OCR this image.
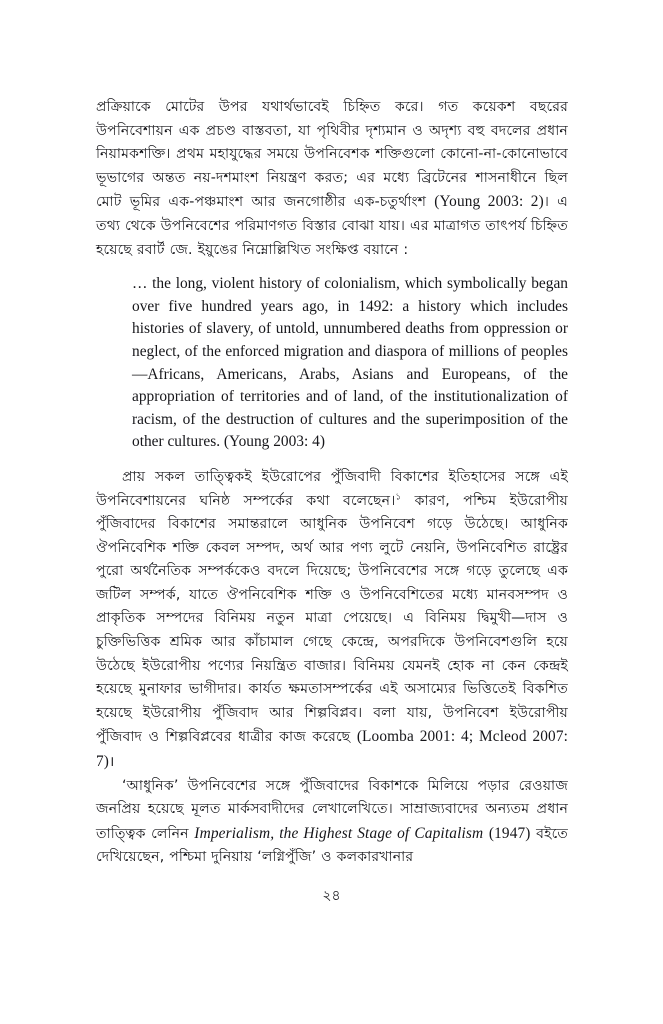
প্রক্রিয়াকে মোটের উপর যথার্থভাবেই চিহ্নিত করে। গত কয়েকশ বছরের উপনিবেশায়ন এক প্রচণ্ড বাস্তবতা, যা পৃথিবীর দৃশ্যমান ও অদৃশ্য বহু বদলের প্রধান নিয়ামকশক্তি। প্রথম মহাযুদ্ধের সময়ে উপনিবেশক শক্তিগুলো কোনো-না-কোনোভাবে ভূভাগের অন্তত নয়-দশমাংশ নিয়ন্ত্রণ করত; এর মধ্যে ব্রিটেনের শাসনাধীনে ছিল মোট ভূমির এক-পঞ্চমাংশ আর জনগোষ্ঠীর এক-চতুর্থাংশ (Young 2003: 2)। এ তথ্য থেকে উপনিবেশের পরিমাণগত বিস্তার বোঝা যায়। এর মাত্রাগত তাৎপর্য চিহ্নিত হয়েছে রবার্ট জে. ইয়ুঙের নিম্নোল্লিখিত সংক্ষিপ্ত বয়ানে :

… the long, violent history of colonialism, which symbolically began over five hundred years ago, in 1492: a history which includes histories of slavery, of untold, unnumbered deaths from oppression or neglect, of the enforced migration and diaspora of millions of peoples—Africans, Americans, Arabs, Asians and Europeans, of the appropriation of territories and of land, of the institutionalization of racism, of the destruction of cultures and the superimposition of the other cultures. (Young 2003: 4)

প্রায় সকল তাত্ত্বিকই ইউরোপের পুঁজিবাদী বিকাশের ইতিহাসের সঙ্গে এই উপনিবেশায়নের ঘনিষ্ঠ সম্পর্কের কথা বলেছেন।$^১$ কারণ, পশ্চিম ইউরোপীয় পুঁজিবাদের বিকাশের সমান্তরালে আধুনিক উপনিবেশ গড়ে উঠেছে। আধুনিক ঔপনিবেশিক শক্তি কেবল সম্পদ, অর্থ আর পণ্য লুটে নেয়নি, উপনিবেশিত রাষ্ট্রের পুরো অর্থনৈতিক সম্পর্ককেও বদলে দিয়েছে; উপনিবেশের সঙ্গে গড়ে তুলেছে এক জটিল সম্পর্ক, যাতে ঔপনিবেশিক শক্তি ও উপনিবেশিতের মধ্যে মানবসম্পদ ও প্রাকৃতিক সম্পদের বিনিময় নতুন মাত্রা পেয়েছে। এ বিনিময় দ্বিমুখী—দাস ও চুক্তিভিত্তিক শ্রমিক আর কাঁচামাল গেছে কেন্দ্রে, অপরদিকে উপনিবেশগুলি হয়ে উঠেছে ইউরোপীয় পণ্যের নিয়ন্ত্রিত বাজার। বিনিময় যেমনই হোক না কেন কেন্দ্রই হয়েছে মুনাফার ভাগীদার। কার্যত ক্ষমতাসম্পর্কের এই অসাম্যের ভিত্তিতেই বিকশিত হয়েছে ইউরোপীয় পুঁজিবাদ আর শিল্পবিপ্লব। বলা যায়, উপনিবেশ ইউরোপীয় পুঁজিবাদ ও শিল্পবিপ্লবের ধাত্রীর কাজ করেছে (Loomba 2001: 4; Mcleod 2007: 7)।

‘আধুনিক’ উপনিবেশের সঙ্গে পুঁজিবাদের বিকাশকে মিলিয়ে পড়ার রেওয়াজ জনপ্রিয় হয়েছে মূলত মার্কসবাদীদের লেখালেখিতে। সাম্রাজ্যবাদের অন্যতম প্রধান তাত্ত্বিক লেনিন Imperialism, the Highest Stage of Capitalism (1947) বইতে দেখিয়েছেন, পশ্চিমা দুনিয়ায় ‘লগ্নিপুঁজি’ ও কলকারখানার

২৪
